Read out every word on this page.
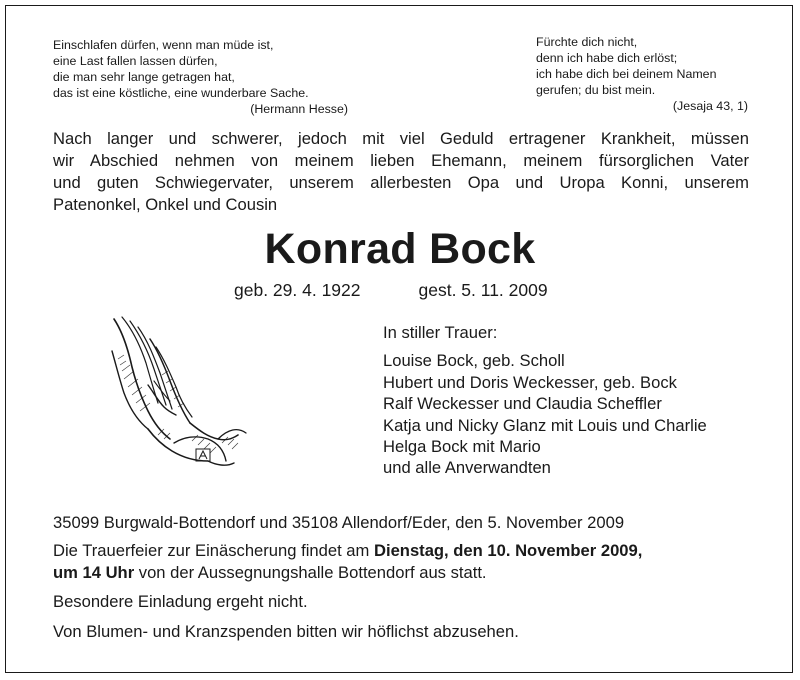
Einschlafen dürfen, wenn man müde ist,
eine Last fallen lassen dürfen,
die man sehr lange getragen hat,
das ist eine köstliche, eine wunderbare Sache.
(Hermann Hesse)
Fürchte dich nicht,
denn ich habe dich erlöst;
ich habe dich bei deinem Namen
gerufen; du bist mein.
(Jesaja 43, 1)
Nach langer und schwerer, jedoch mit viel Geduld ertragener Krankheit, müssen
wir Abschied nehmen von meinem lieben Ehemann, meinem fürsorglichen Vater
und guten Schwiegervater, unserem allerbesten Opa und Uropa Konni, unserem
Patenonkel, Onkel und Cousin
Konrad Bock
geb. 29. 4. 1922	gest. 5. 11. 2009
In stiller Trauer:
Louise Bock, geb. Scholl
Hubert und Doris Weckesser, geb. Bock
Ralf Weckesser und Claudia Scheffler
Katja und Nicky Glanz mit Louis und Charlie
Helga Bock mit Mario
und alle Anverwandten

35099 Burgwald-Bottendorf und 35108 Allendorf/Eder, den 5. November 2009

Die Trauerfeier zur Einäscherung findet am Dienstag, den 10. November 2009,

um 14 Uhr von der Aussegnungshalle Bottendorf aus statt.

Besondere Einladung ergeht nicht.

Von Blumen- und Kranzspenden bitten wir höflichst abzusehen.
